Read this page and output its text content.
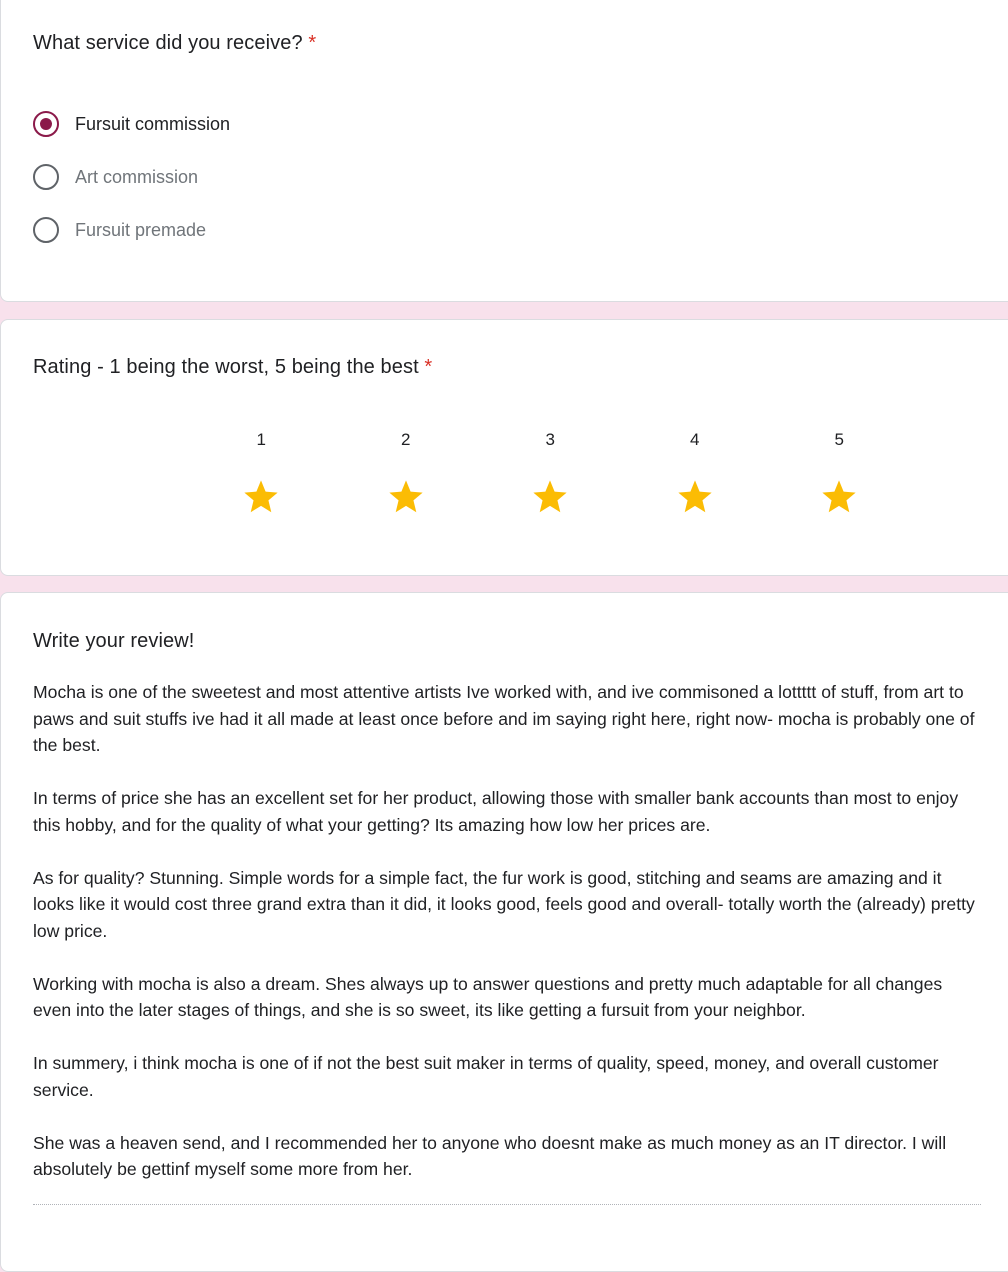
What service did you receive? *
Fursuit commission
Art commission
Fursuit premade
Rating - 1 being the worst, 5 being the best *
1	2	3	4	5
Write your review!

Mocha is one of the sweetest and most attentive artists Ive worked with, and ive commisoned a lottttt of stuff, from art to paws and suit stuffs ive had it all made at least once before and im saying right here, right now- mocha is probably one of the best.

In terms of price she has an excellent set for her product, allowing those with smaller bank accounts than most to enjoy this hobby, and for the quality of what your getting? Its amazing how low her prices are.

As for quality? Stunning. Simple words for a simple fact, the fur work is good, stitching and seams are amazing and it looks like it would cost three grand extra than it did, it looks good, feels good and overall- totally worth the (already) pretty low price.

Working with mocha is also a dream. Shes always up to answer questions and pretty much adaptable for all changes even into the later stages of things, and she is so sweet, its like getting a fursuit from your neighbor.

In summery, i think mocha is one of if not the best suit maker in terms of quality, speed, money, and overall customer service.

She was a heaven send, and I recommended her to anyone who doesnt make as much money as an IT director. I will absolutely be gettinf myself some more from her.
